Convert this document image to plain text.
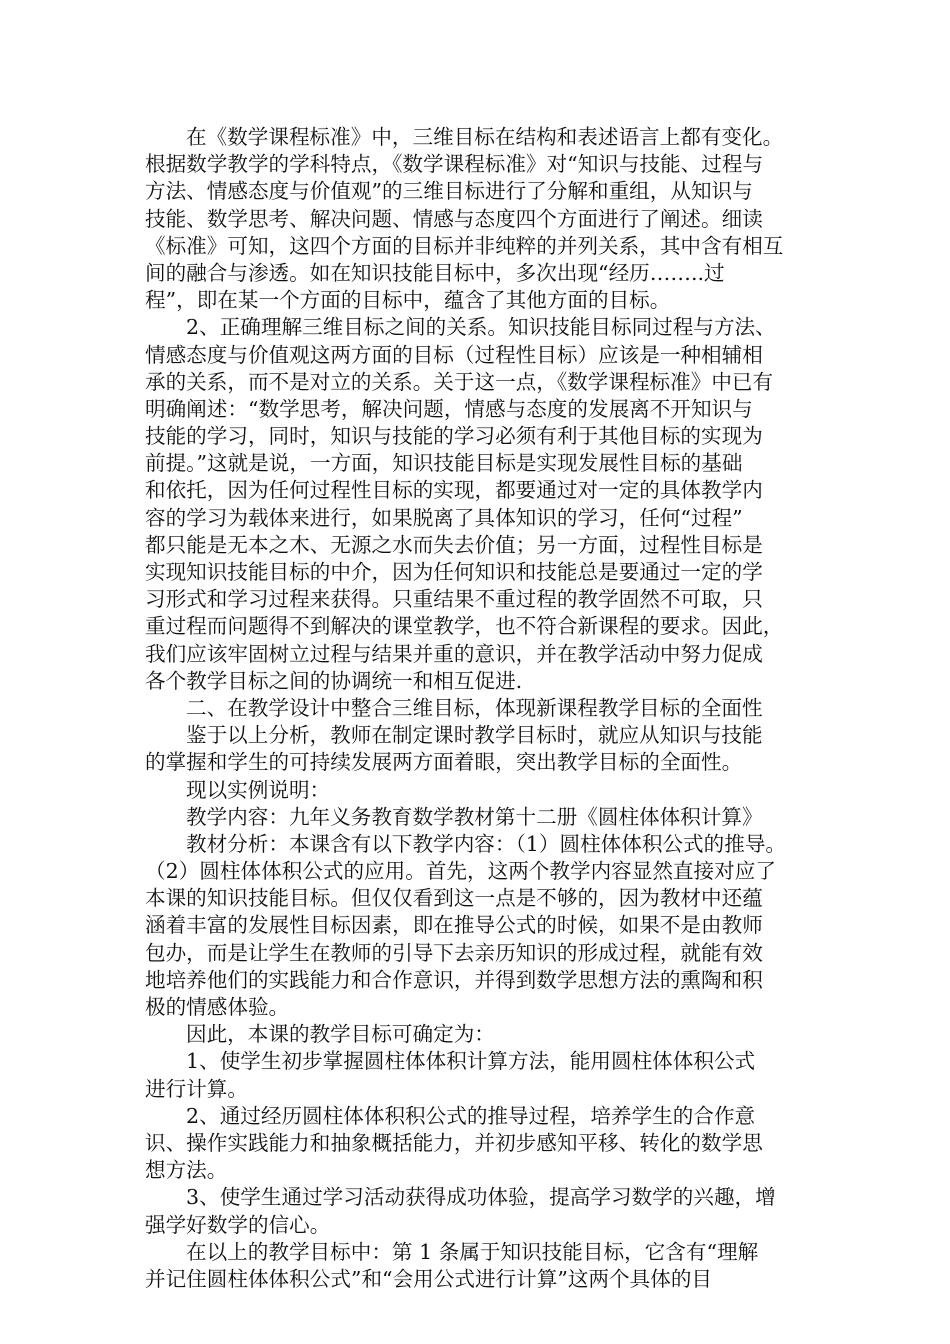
在《数学课程标准》中，三维目标在结构和表述语言上都有变化。
根据数学教学的学科特点，《数学课程标准》对“知识与技能、过程与
方法、情感态度与价值观”的三维目标进行了分解和重组，从知识与
技能、数学思考、解决问题、情感与态度四个方面进行了阐述。细读
《标准》可知，这四个方面的目标并非纯粹的并列关系，其中含有相互
间的融合与渗透。如在知识技能目标中，多次出现“经历……..过
程”，即在某一个方面的目标中，蕴含了其他方面的目标。
2、正确理解三维目标之间的关系。知识技能目标同过程与方法、
情感态度与价值观这两方面的目标（过程性目标）应该是一种相辅相
承的关系，而不是对立的关系。关于这一点，《数学课程标准》中已有
明确阐述：“数学思考，解决问题，情感与态度的发展离不开知识与
技能的学习，同时，知识与技能的学习必须有利于其他目标的实现为
前提。”这就是说，一方面，知识技能目标是实现发展性目标的基础
和依托，因为任何过程性目标的实现，都要通过对一定的具体教学内
容的学习为载体来进行，如果脱离了具体知识的学习，任何“过程”
都只能是无本之木、无源之水而失去价值；另一方面，过程性目标是
实现知识技能目标的中介，因为任何知识和技能总是要通过一定的学
习形式和学习过程来获得。只重结果不重过程的教学固然不可取，只
重过程而问题得不到解决的课堂教学，也不符合新课程的要求。因此，
我们应该牢固树立过程与结果并重的意识，并在教学活动中努力促成
各个教学目标之间的协调统一和相互促进.
二、在教学设计中整合三维目标，体现新课程教学目标的全面性
鉴于以上分析，教师在制定课时教学目标时，就应从知识与技能
的掌握和学生的可持续发展两方面着眼，突出教学目标的全面性。
现以实例说明：
教学内容：九年义务教育数学教材第十二册《圆柱体体积计算》
教材分析：本课含有以下教学内容：（1）圆柱体体积公式的推导。
（2）圆柱体体积公式的应用。首先，这两个教学内容显然直接对应了
本课的知识技能目标。但仅仅看到这一点是不够的，因为教材中还蕴
涵着丰富的发展性目标因素，即在推导公式的时候，如果不是由教师
包办，而是让学生在教师的引导下去亲历知识的形成过程，就能有效
地培养他们的实践能力和合作意识，并得到数学思想方法的熏陶和积
极的情感体验。
因此，本课的教学目标可确定为：
1、使学生初步掌握圆柱体体积计算方法，能用圆柱体体积公式
进行计算。
2、通过经历圆柱体体积积公式的推导过程，培养学生的合作意
识、操作实践能力和抽象概括能力，并初步感知平移、转化的数学思
想方法。
3、使学生通过学习活动获得成功体验，提高学习数学的兴趣，增
强学好数学的信心。
在以上的教学目标中：第 1 条属于知识技能目标，它含有“理解
并记住圆柱体体积公式”和“会用公式进行计算”这两个具体的目
